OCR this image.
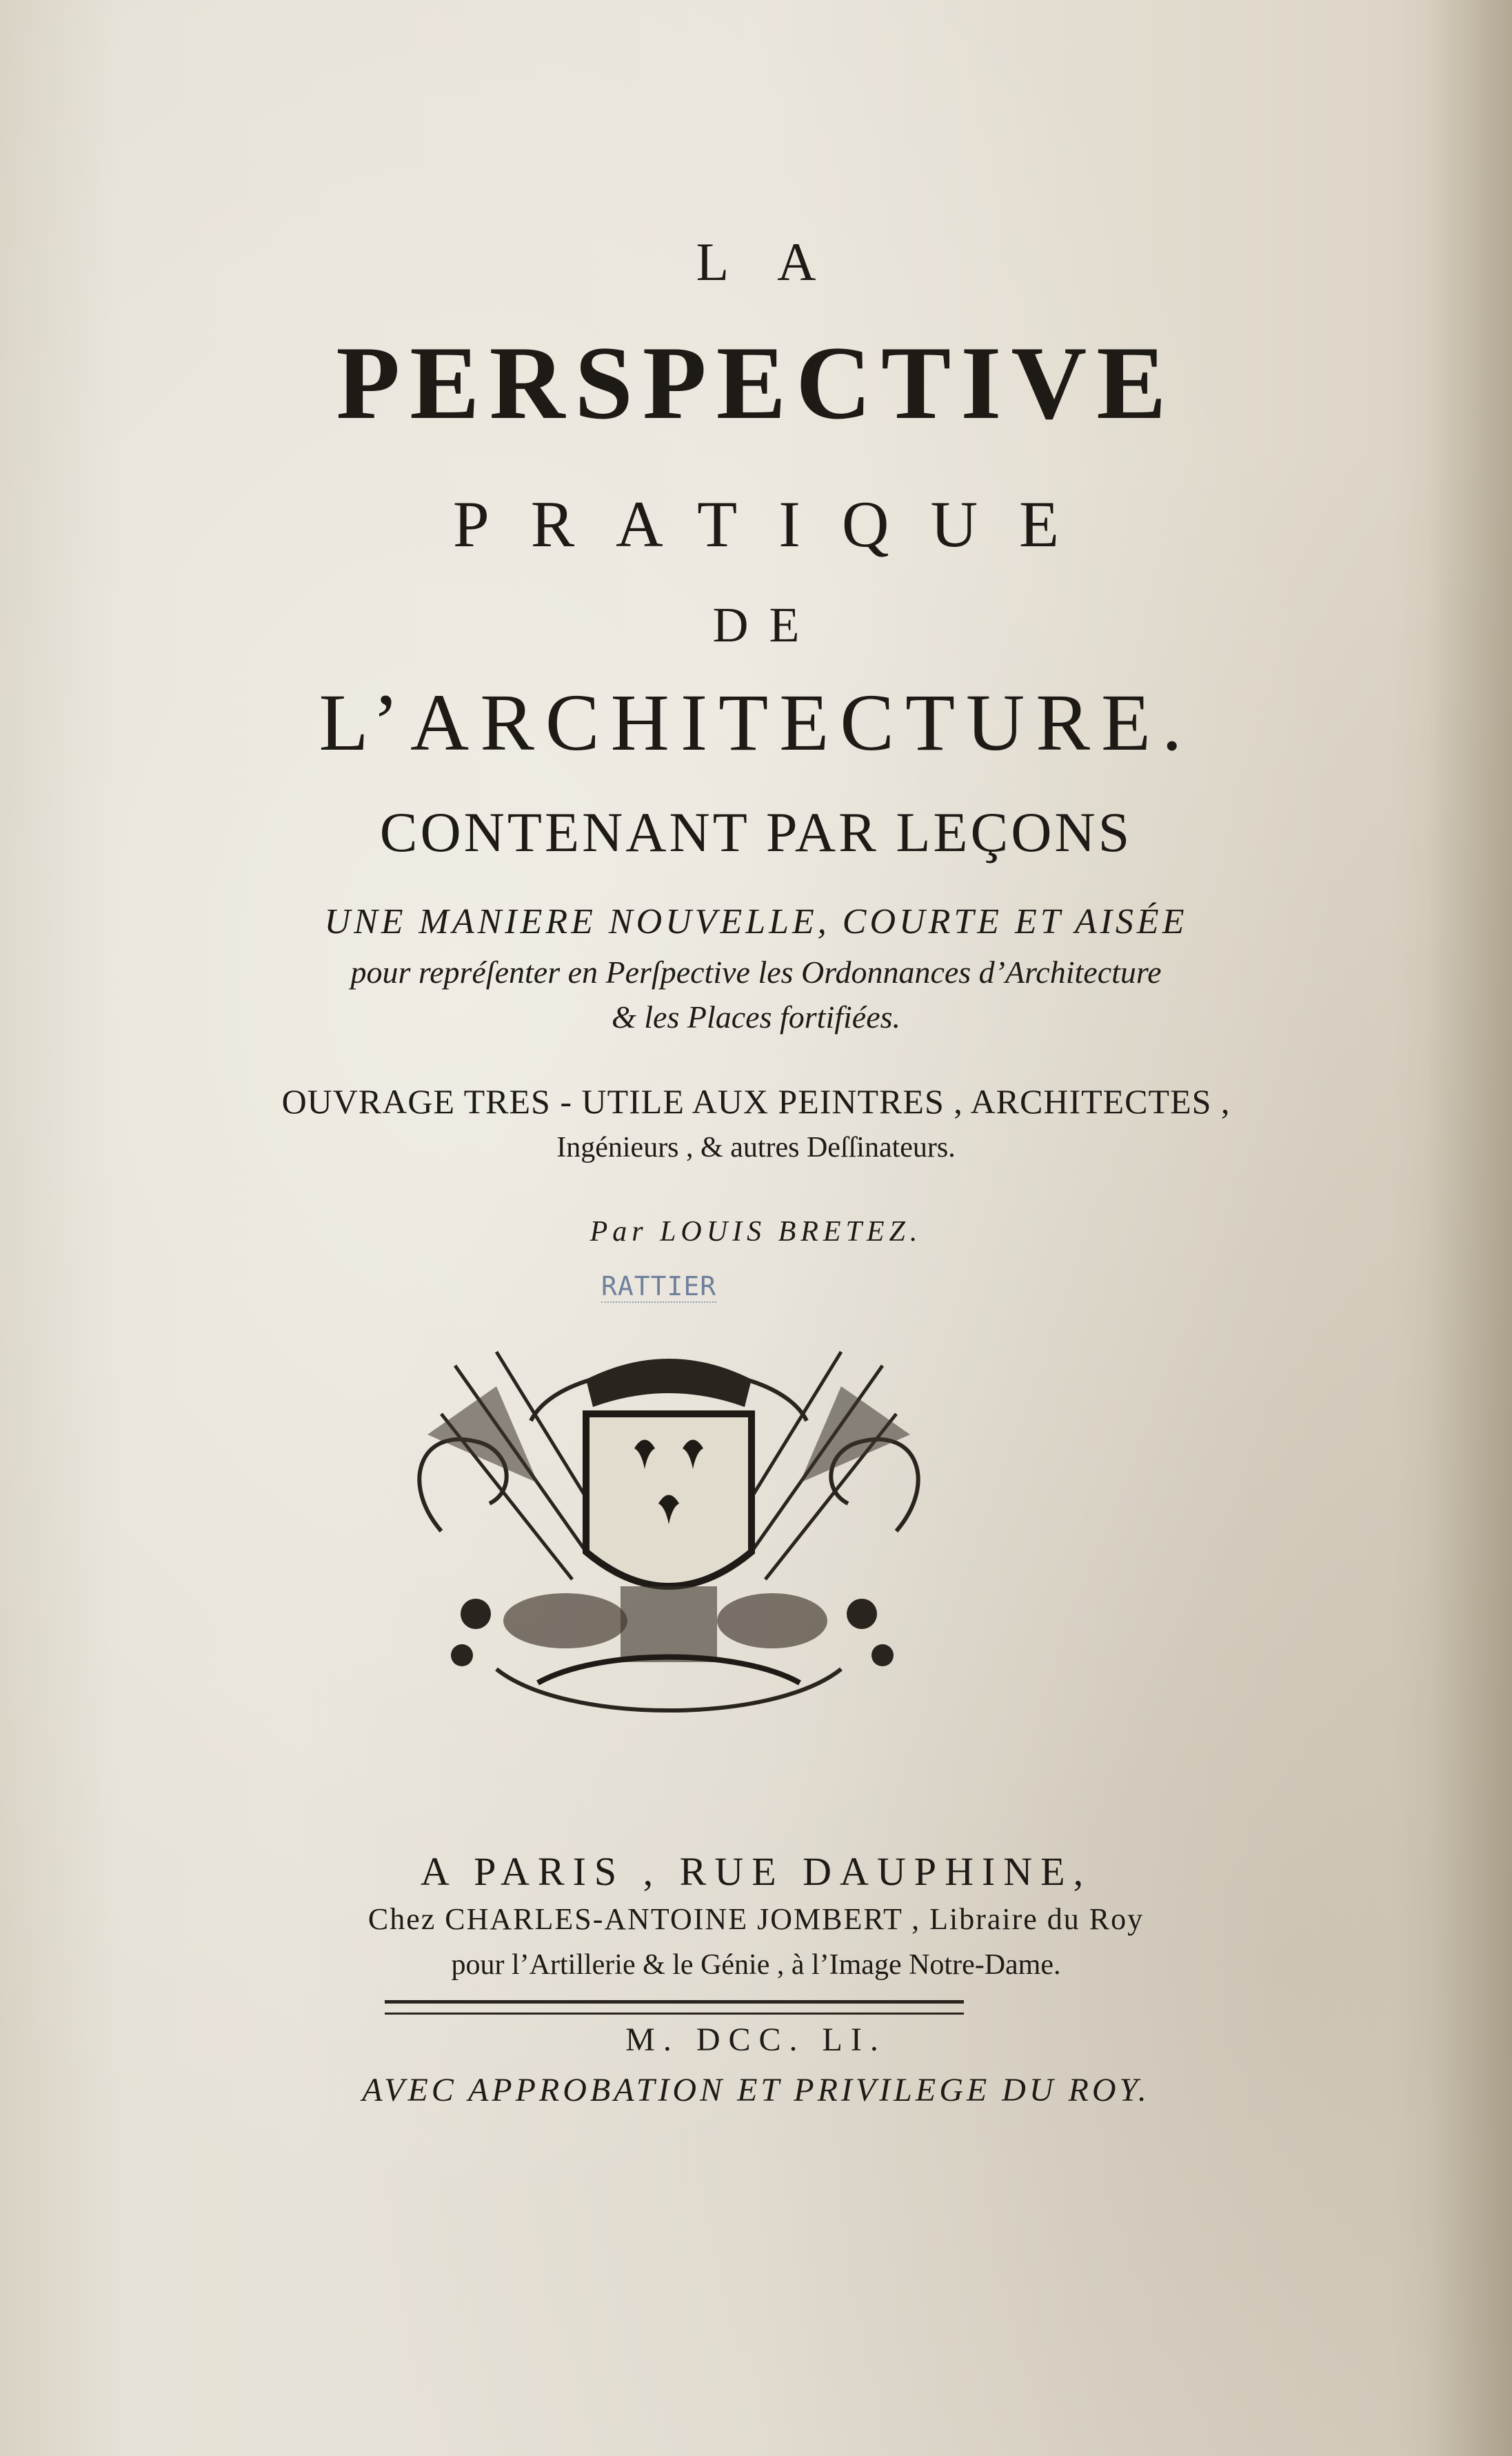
LA
PERSPECTIVE
PRATIQUE
DE
L’ARCHITECTURE.
CONTENANT PAR LEÇONS
UNE MANIERE NOUVELLE, COURTE ET AISÉE
pour repréſenter en Perſpective les Ordonnances d’Architecture
& les Places fortifiées.
OUVRAGE TRES - UTILE AUX PEINTRES , ARCHITECTES ,
Ingénieurs , & autres Deſſinateurs.
Par LOUIS BRETEZ.
RATTIER
A PARIS , RUE DAUPHINE,
Chez CHARLES-ANTOINE JOMBERT , Libraire du Roy
pour l’Artillerie & le Génie , à l’Image Notre-Dame.
M. DCC. LI.
AVEC APPROBATION ET PRIVILEGE DU ROY.
